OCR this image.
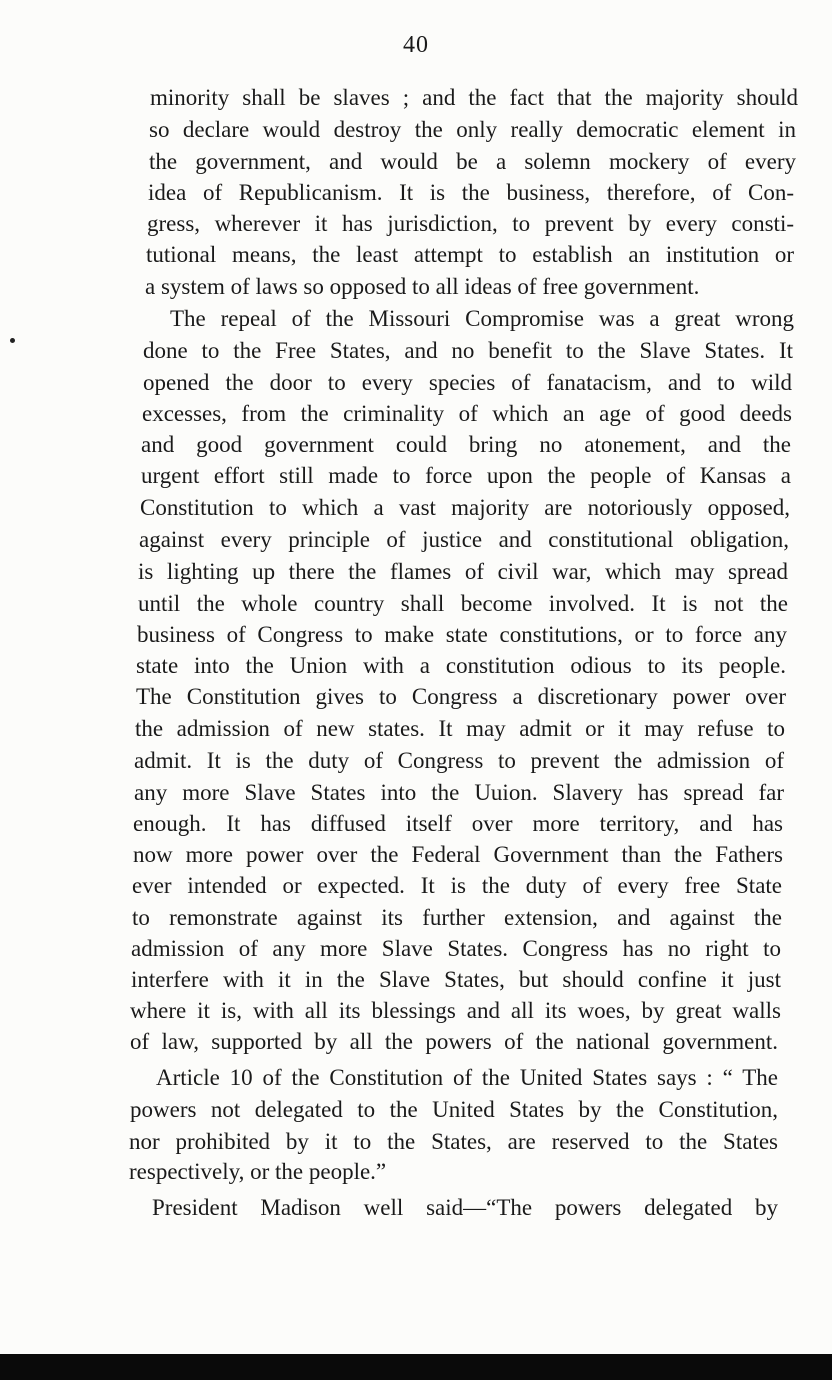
40
minority shall be slaves ; and the fact that the majority should
so declare would destroy the only really democratic element in
the government, and would be a solemn mockery of every
idea of Republicanism. It is the business, therefore, of Con-
gress, wherever it has jurisdiction, to prevent by every consti-
tutional means, the least attempt to establish an institution or
a system of laws so opposed to all ideas of free government.
The repeal of the Missouri Compromise was a great wrong
done to the Free States, and no benefit to the Slave States. It
opened the door to every species of fanatacism, and to wild
excesses, from the criminality of which an age of good deeds
and good government could bring no atonement, and the
urgent effort still made to force upon the people of Kansas a
Constitution to which a vast majority are notoriously opposed,
against every principle of justice and constitutional obligation,
is lighting up there the flames of civil war, which may spread
until the whole country shall become involved. It is not the
business of Congress to make state constitutions, or to force any
state into the Union with a constitution odious to its people.
The Constitution gives to Congress a discretionary power over
the admission of new states. It may admit or it may refuse to
admit. It is the duty of Congress to prevent the admission of
any more Slave States into the Uuion. Slavery has spread far
enough. It has diffused itself over more territory, and has
now more power over the Federal Government than the Fathers
ever intended or expected. It is the duty of every free State
to remonstrate against its further extension, and against the
admission of any more Slave States. Congress has no right to
interfere with it in the Slave States, but should confine it just
where it is, with all its blessings and all its woes, by great walls
of law, supported by all the powers of the national government.
Article 10 of the Constitution of the United States says : “ The
powers not delegated to the United States by the Constitution,
nor prohibited by it to the States, are reserved to the States
respectively, or the people.”
President Madison well said—“The powers delegated by
